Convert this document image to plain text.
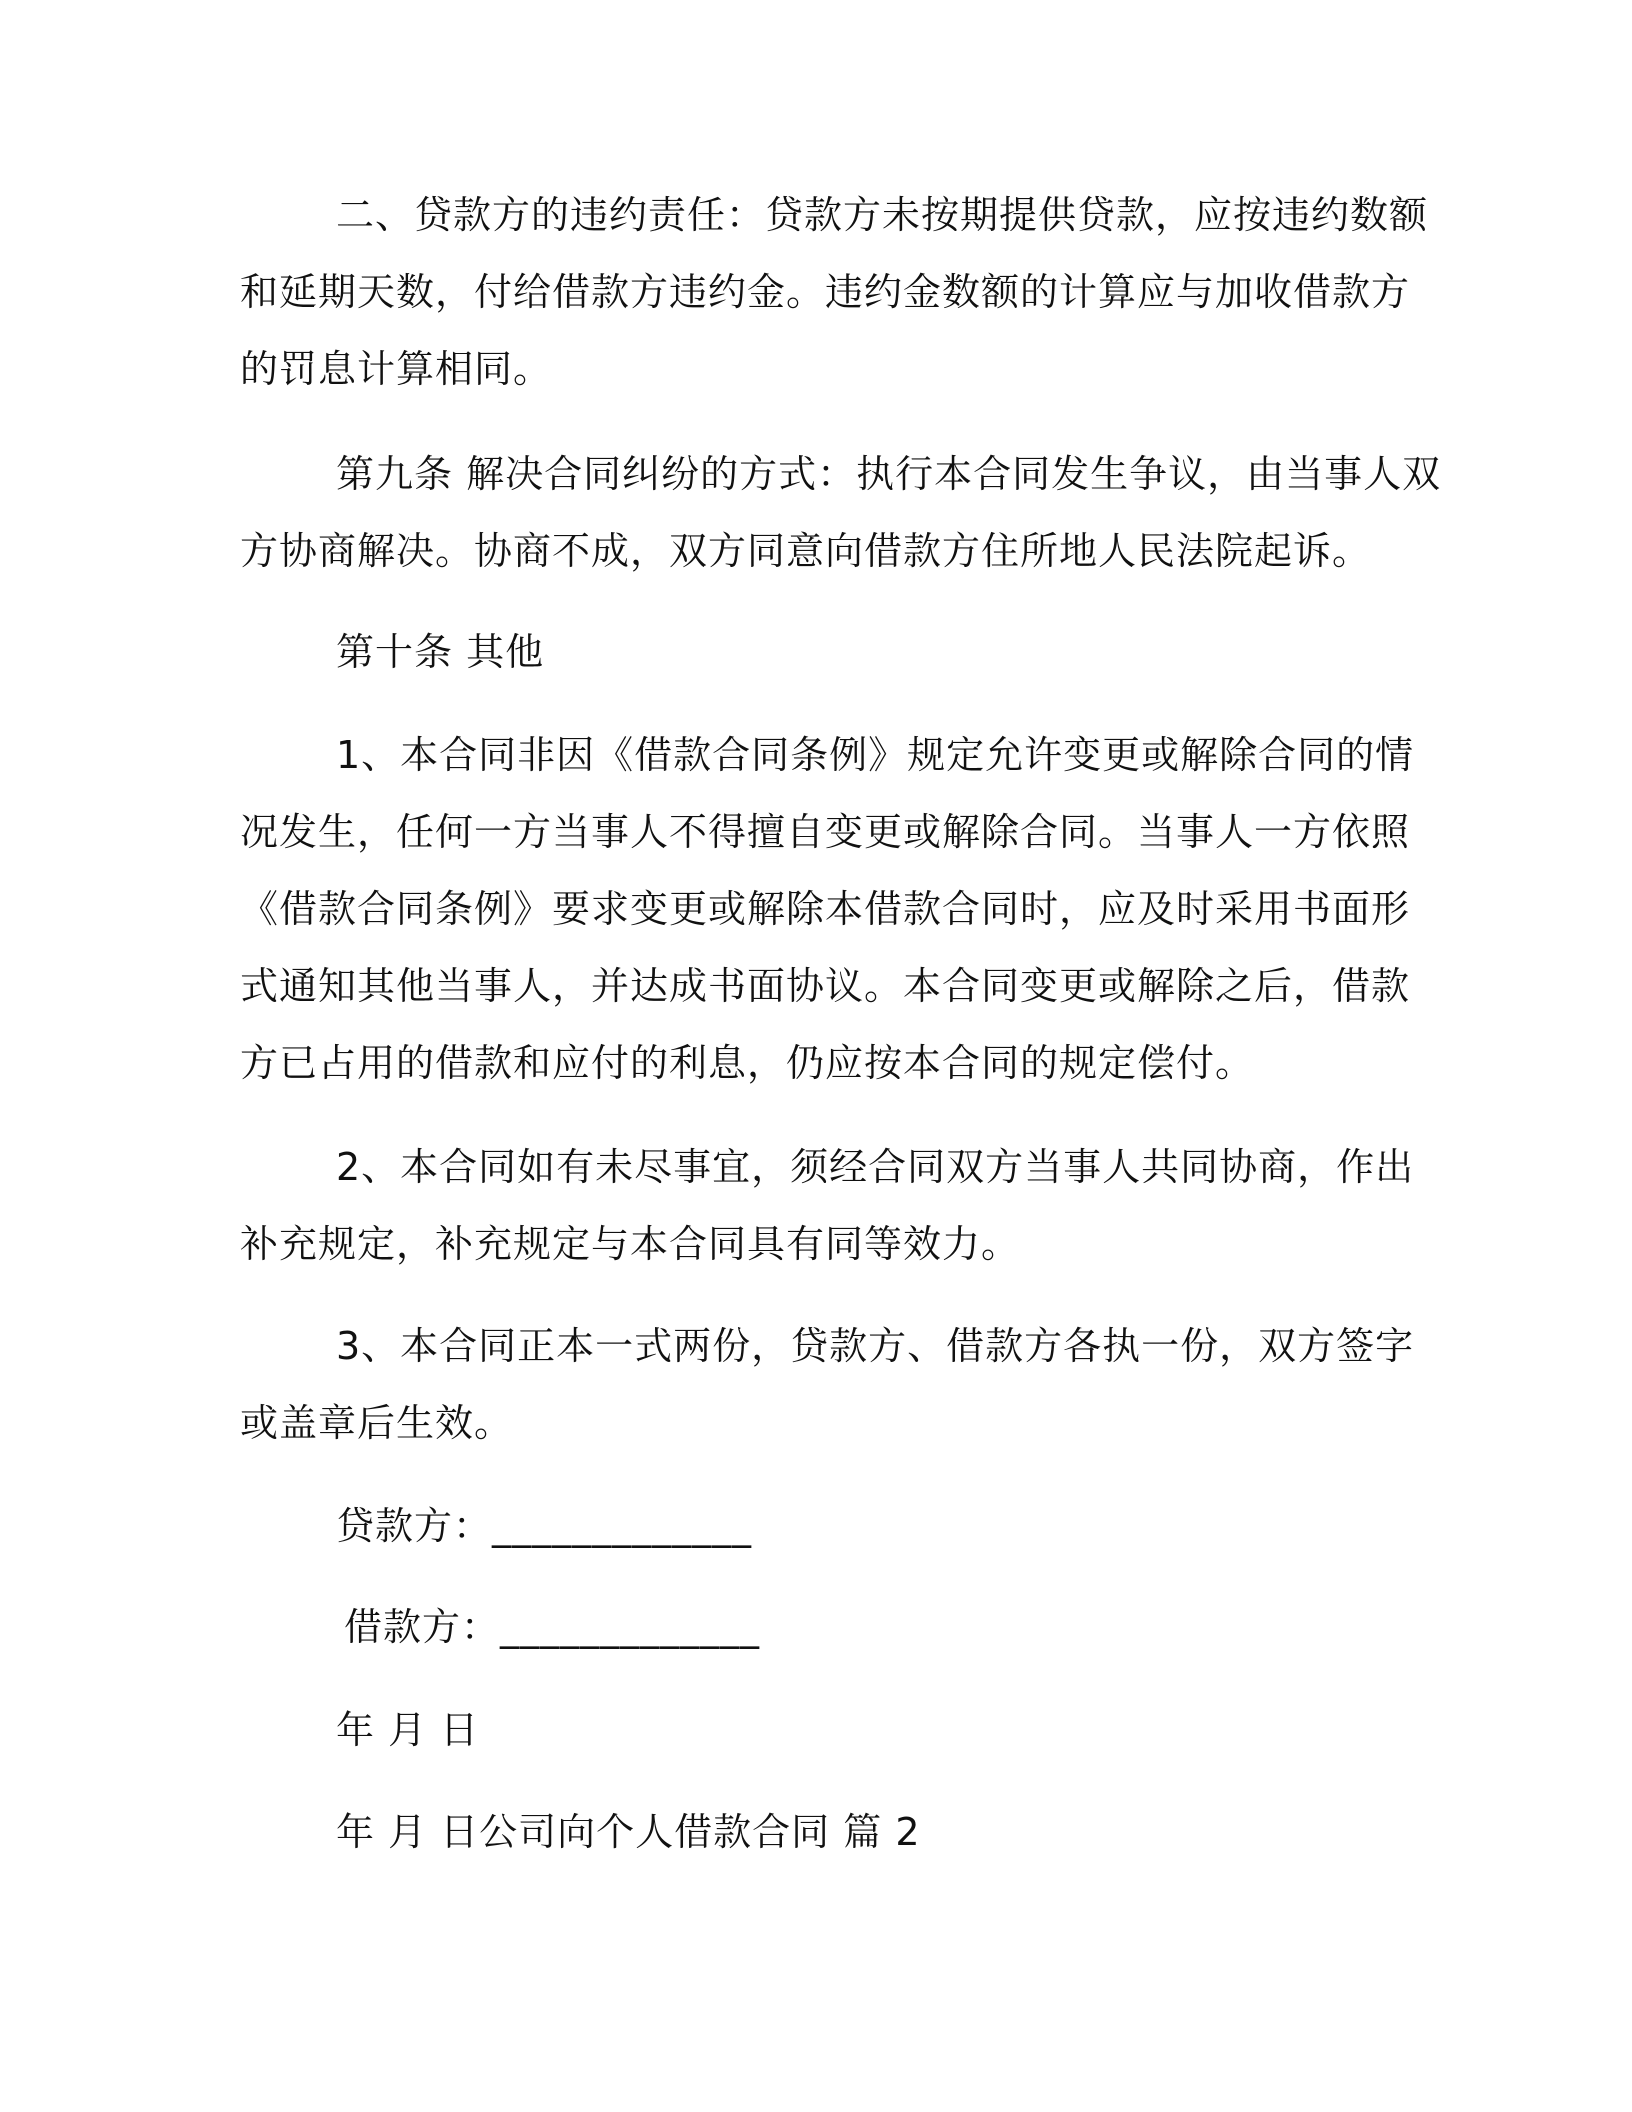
二、贷款方的违约责任：贷款方未按期提供贷款，应按违约数额
和延期天数，付给借款方违约金。违约金数额的计算应与加收借款方
的罚息计算相同。
第九条 解决合同纠纷的方式：执行本合同发生争议，由当事人双
方协商解决。协商不成，双方同意向借款方住所地人民法院起诉。
第十条 其他
1、本合同非因《借款合同条例》规定允许变更或解除合同的情
况发生，任何一方当事人不得擅自变更或解除合同。当事人一方依照
《借款合同条例》要求变更或解除本借款合同时，应及时采用书面形
式通知其他当事人，并达成书面协议。本合同变更或解除之后，借款
方已占用的借款和应付的利息，仍应按本合同的规定偿付。
2、本合同如有未尽事宜，须经合同双方当事人共同协商，作出
补充规定，补充规定与本合同具有同等效力。
3、本合同正本一式两份，贷款方、借款方各执一份，双方签字
或盖章后生效。
贷款方：_____________
借款方：_____________
年 月 日
年 月 日公司向个人借款合同 篇 2
